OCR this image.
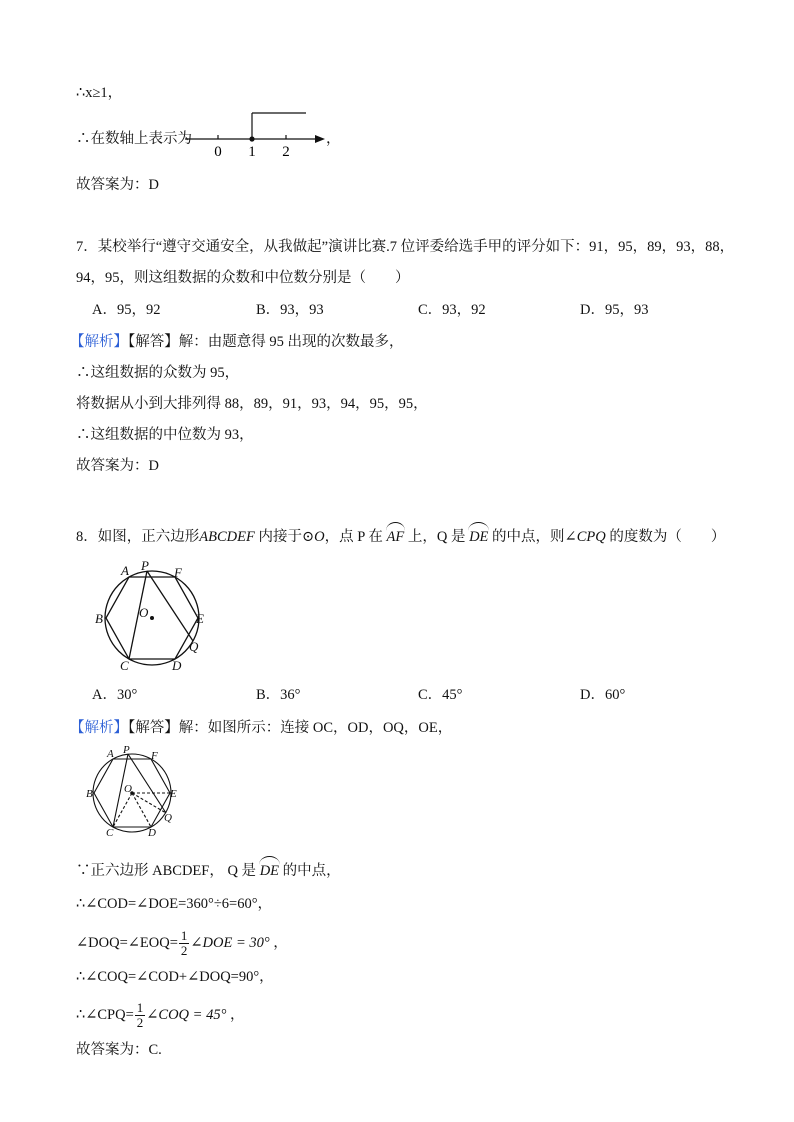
∴x≥1，
∴在数轴上表示为
0 1 2
，
故答案为：D
7．某校举行“遵守交通安全，从我做起”演讲比赛.7 位评委给选手甲的评分如下：91，95，89，93，88，
94，95，则这组数据的众数和中位数分别是（　　）
A．95，92	B．93，93	C．93，92	D．95，93
【解析】【解答】解：由题意得 95 出现的次数最多，
∴这组数据的众数为 95，
将数据从小到大排列得 88，89，91，93，94，95，95，
∴这组数据的中位数为 93，
故答案为：D
8．如图，正六边形ABCDEF 内接于⊙O，点 P 在 AF 上，Q 是 DE 的中点，则∠CPQ 的度数为（　　）
A P F
B	O	E
Q
C	D
A．30°	B．36°	C．45°	D．60°
【解析】【解答】解：如图所示：连接 OC，OD，OQ，OE，
A P F
B	O	E
Q
C	D
∵正六边形 ABCDEF， Q 是 DE 的中点，
∴∠COD=∠DOE=360°÷6=60°，
∠DOQ=∠EOQ= $\frac{1}{2}$ ∠DOE = 30° ，
∴∠COQ=∠COD+∠DOQ=90°，
∴∠CPQ= $\frac{1}{2}$ ∠COQ = 45° ，
故答案为：C.
